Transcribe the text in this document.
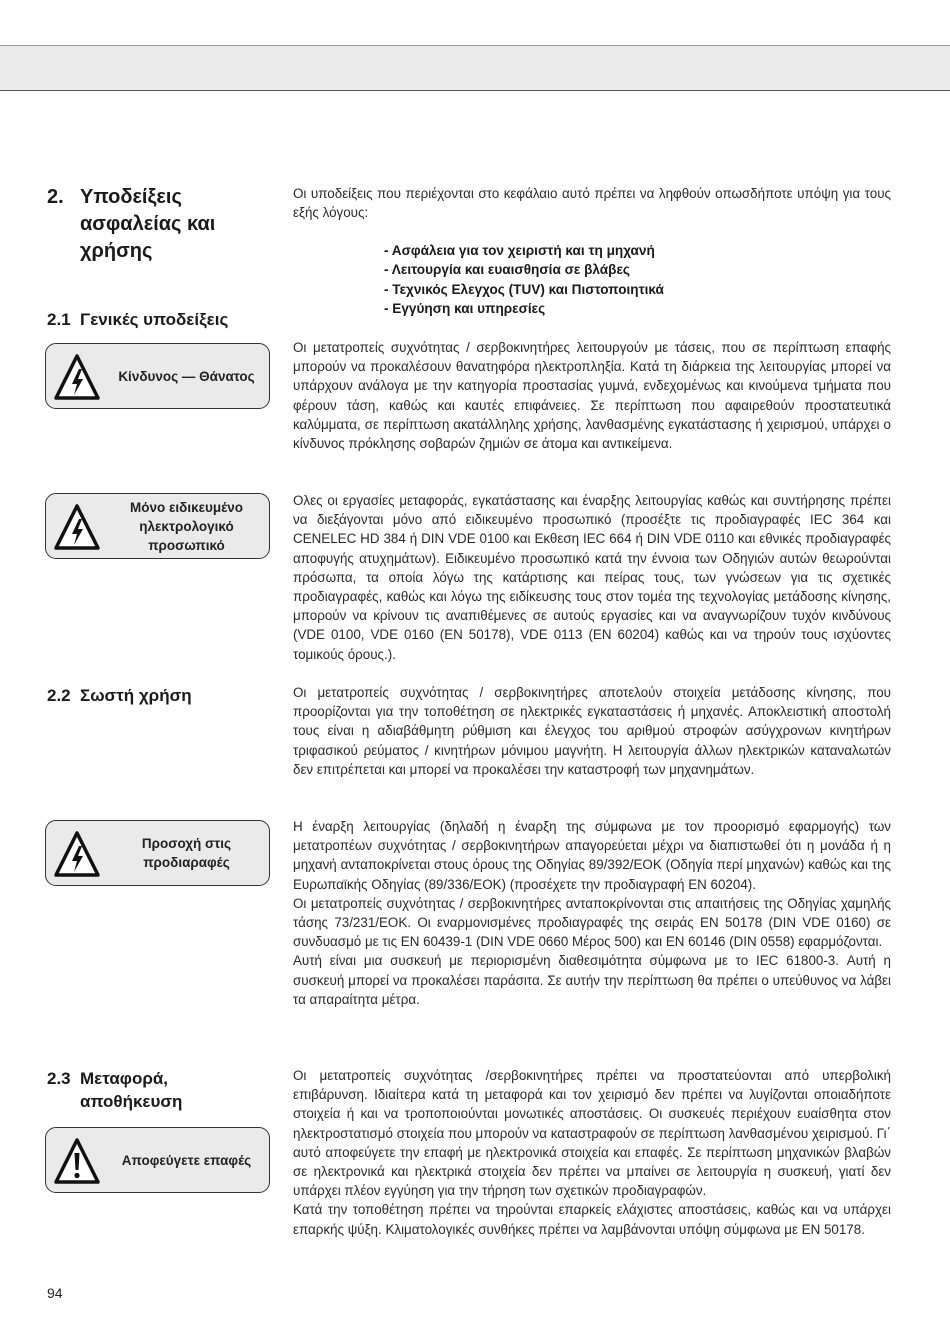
2. Υποδείξεις ασφαλείας και χρήσης
2.1 Γενικές υποδείξεις
Κίνδυνος — Θάνατος
Μόνο ειδικευμένο ηλεκτρολογικό προσωπικό
2.2 Σωστή χρήση
Προσοχή στις προδιαραφές
2.3 Μεταφορά, αποθήκευση
Αποφεύγετε επαφές

Οι υποδείξεις που περιέχονται στο κεφάλαιο αυτό πρέπει να ληφθούν οπωσδήποτε υπόψη για τους εξής λόγους:

- Ασφάλεια για τον χειριστή και τη μηχανή
- Λειτουργία και ευαισθησία σε βλάβες
- Τεχνικός Ελεγχος (TUV) και Πιστοποιητικά
- Εγγύηση και υπηρεσίες

Οι μετατροπείς συχνότητας / σερβοκινητήρες λειτουργούν με τάσεις, που σε περίπτωση επαφής μπορούν να προκαλέσουν θανατηφόρα ηλεκτροπληξία. Κατά τη διάρκεια της λειτουργίας μπορεί να υπάρχουν ανάλογα με την κατηγορία προστασίας γυμνά, ενδεχομένως και κινούμενα τμήματα που φέρουν τάση, καθώς και καυτές επιφάνειες. Σε περίπτωση που αφαιρεθούν προστατευτικά καλύμματα, σε περίπτωση ακατάλληλης χρήσης, λανθασμένης εγκατάστασης ή χειρισμού, υπάρχει ο κίνδυνος πρόκλησης σοβαρών ζημιών σε άτομα και αντικείμενα.

Ολες οι εργασίες μεταφοράς, εγκατάστασης και έναρξης λειτουργίας καθώς και συντήρησης πρέπει να διεξάγονται μόνο από ειδικευμένο προσωπικό (προσέξτε τις προδιαγραφές IEC 364 και CENELEC HD 384 ή DIN VDE 0100 και Εκθεση IEC 664 ή DIN VDE 0110 και εθνικές προδιαγραφές αποφυγής ατυχημάτων). Ειδικευμένο προσωπικό κατά την έννοια των Οδηγιών αυτών θεωρούνται πρόσωπα, τα οποία λόγω της κατάρτισης και πείρας τους, των γνώσεων για τις σχετικές προδιαγραφές, καθώς και λόγω της ειδίκευσης τους στον τομέα της τεχνολογίας μετάδοσης κίνησης, μπορούν να κρίνουν τις αναπιθέμενες σε αυτούς εργασίες και να αναγνωρίζουν τυχόν κινδύνους (VDE 0100, VDE 0160 (EN 50178), VDE 0113 (EN 60204) καθώς και να τηρούν τους ισχύοντες τομικούς όρους.).

Οι μετατροπείς συχνότητας / σερβοκινητήρες αποτελούν στοιχεία μετάδοσης κίνησης, που προορίζονται για την τοποθέτηση σε ηλεκτρικές εγκαταστάσεις ή μηχανές. Αποκλειστική αποστολή τους είναι η αδιαβάθμητη ρύθμιση και έλεγχος του αριθμού στροφών ασύγχρονων κινητήρων τριφασικού ρεύματος / κινητήρων μόνιμου μαγνήτη. Η λειτουργία άλλων ηλεκτρικών καταναλωτών δεν επιτρέπεται και μπορεί να προκαλέσει την καταστροφή των μηχανημάτων.

Η έναρξη λειτουργίας (δηλαδή η έναρξη της σύμφωνα με τον προορισμό εφαρμογής) των μετατροπέων συχνότητας / σερβοκινητήρων απαγορεύεται μέχρι να διαπιστωθεί ότι η μονάδα ή η μηχανή ανταποκρίνεται στους όρους της Οδηγίας 89/392/ΕΟΚ (Οδηγία περί μηχανών) καθώς και της Ευρωπαϊκής Οδηγίας (89/336/ΕΟΚ) (προσέχετε την προδιαγραφή EN 60204).

Οι μετατροπείς συχνότητας / σερβοκινητήρες ανταποκρίνονται στις απαιτήσεις της Οδηγίας χαμηλής τάσης 73/231/ΕΟΚ. Οι εναρμονισμένες προδιαγραφές της σειράς EN 50178 (DIN VDE 0160) σε συνδυασμό με τις EN 60439-1 (DIN VDE 0660 Μέρος 500) και EN 60146 (DIN 0558) εφαρμόζονται.

Αυτή είναι μια συσκευή με περιορισμένη διαθεσιμότητα σύμφωνα με το IEC 61800-3. Αυτή η συσκευή μπορεί να προκαλέσει παράσιτα. Σε αυτήν την περίπτωση θα πρέπει ο υπεύθυνος να λάβει τα απαραίτητα μέτρα.

Οι μετατροπείς συχνότητας /σερβοκινητήρες πρέπει να προστατεύονται από υπερβολική επιβάρυνση. Ιδιαίτερα κατά τη μεταφορά και τον χειρισμό δεν πρέπει να λυγίζονται οποιαδήποτε στοιχεία ή και να τροποποιούνται μονωτικές αποστάσεις. Οι συσκευές περιέχουν ευαίσθητα στον ηλεκτροστατισμό στοιχεία που μπορούν να καταστραφούν σε περίπτωση λανθασμένου χειρισμού. Γι΄ αυτό αποφεύγετε την επαφή με ηλεκτρονικά στοιχεία και επαφές. Σε περίπτωση μηχανικών βλαβών σε ηλεκτρονικά και ηλεκτρικά στοιχεία δεν πρέπει να μπαίνει σε λειτουργία η συσκευή, γιατί δεν υπάρχει πλέον εγγύηση για την τήρηση των σχετικών προδιαγραφών.

Κατά την τοποθέτηση πρέπει να τηρούνται επαρκείς ελάχιστες αποστάσεις, καθώς και να υπάρχει επαρκής ψύξη. Κλιματολογικές συνθήκες πρέπει να λαμβάνονται υπόψη σύμφωνα με EN 50178.

94
